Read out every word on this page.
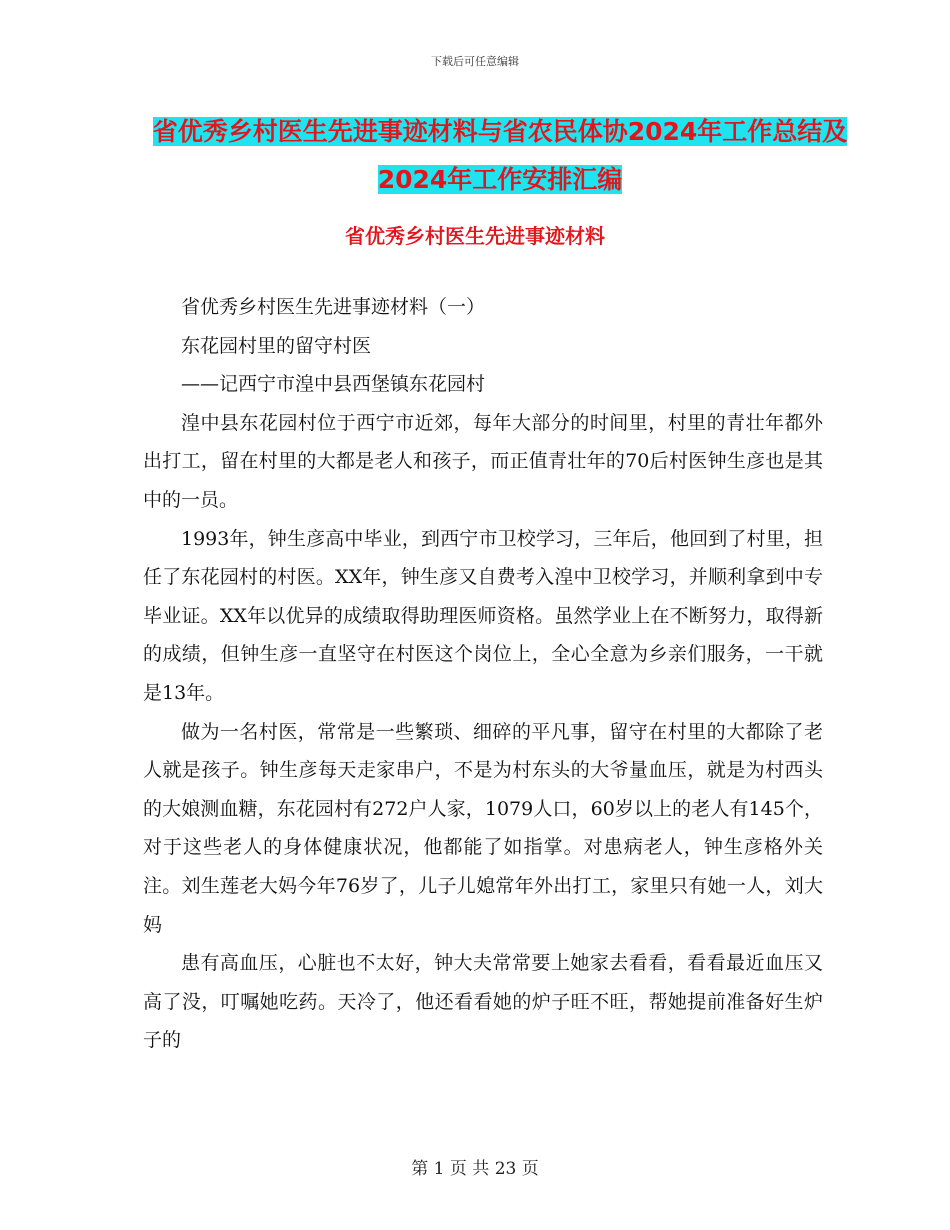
下载后可任意编辑
省优秀乡村医生先进事迹材料与省农民体协2024年工作总结及2024年工作安排汇编
省优秀乡村医生先进事迹材料

省优秀乡村医生先进事迹材料（一）

东花园村里的留守村医

——记西宁市湟中县西堡镇东花园村

湟中县东花园村位于西宁市近郊，每年大部分的时间里，村里的青壮年都外出打工，留在村里的大都是老人和孩子，而正值青壮年的70后村医钟生彦也是其中的一员。

1993年，钟生彦高中毕业，到西宁市卫校学习，三年后，他回到了村里，担任了东花园村的村医。XX年，钟生彦又自费考入湟中卫校学习，并顺利拿到中专毕业证。XX年以优异的成绩取得助理医师资格。虽然学业上在不断努力，取得新的成绩，但钟生彦一直坚守在村医这个岗位上，全心全意为乡亲们服务，一干就是13年。

做为一名村医，常常是一些繁琐、细碎的平凡事，留守在村里的大都除了老人就是孩子。钟生彦每天走家串户，不是为村东头的大爷量血压，就是为村西头的大娘测血糖，东花园村有272户人家，1079人口，60岁以上的老人有145个，对于这些老人的身体健康状况，他都能了如指掌。对患病老人，钟生彦格外关注。刘生莲老大妈今年76岁了，儿子儿媳常年外出打工，家里只有她一人，刘大妈

患有高血压，心脏也不太好，钟大夫常常要上她家去看看，看看最近血压又高了没，叮嘱她吃药。天冷了，他还看看她的炉子旺不旺，帮她提前准备好生炉子的

第 1 页 共 23 页
